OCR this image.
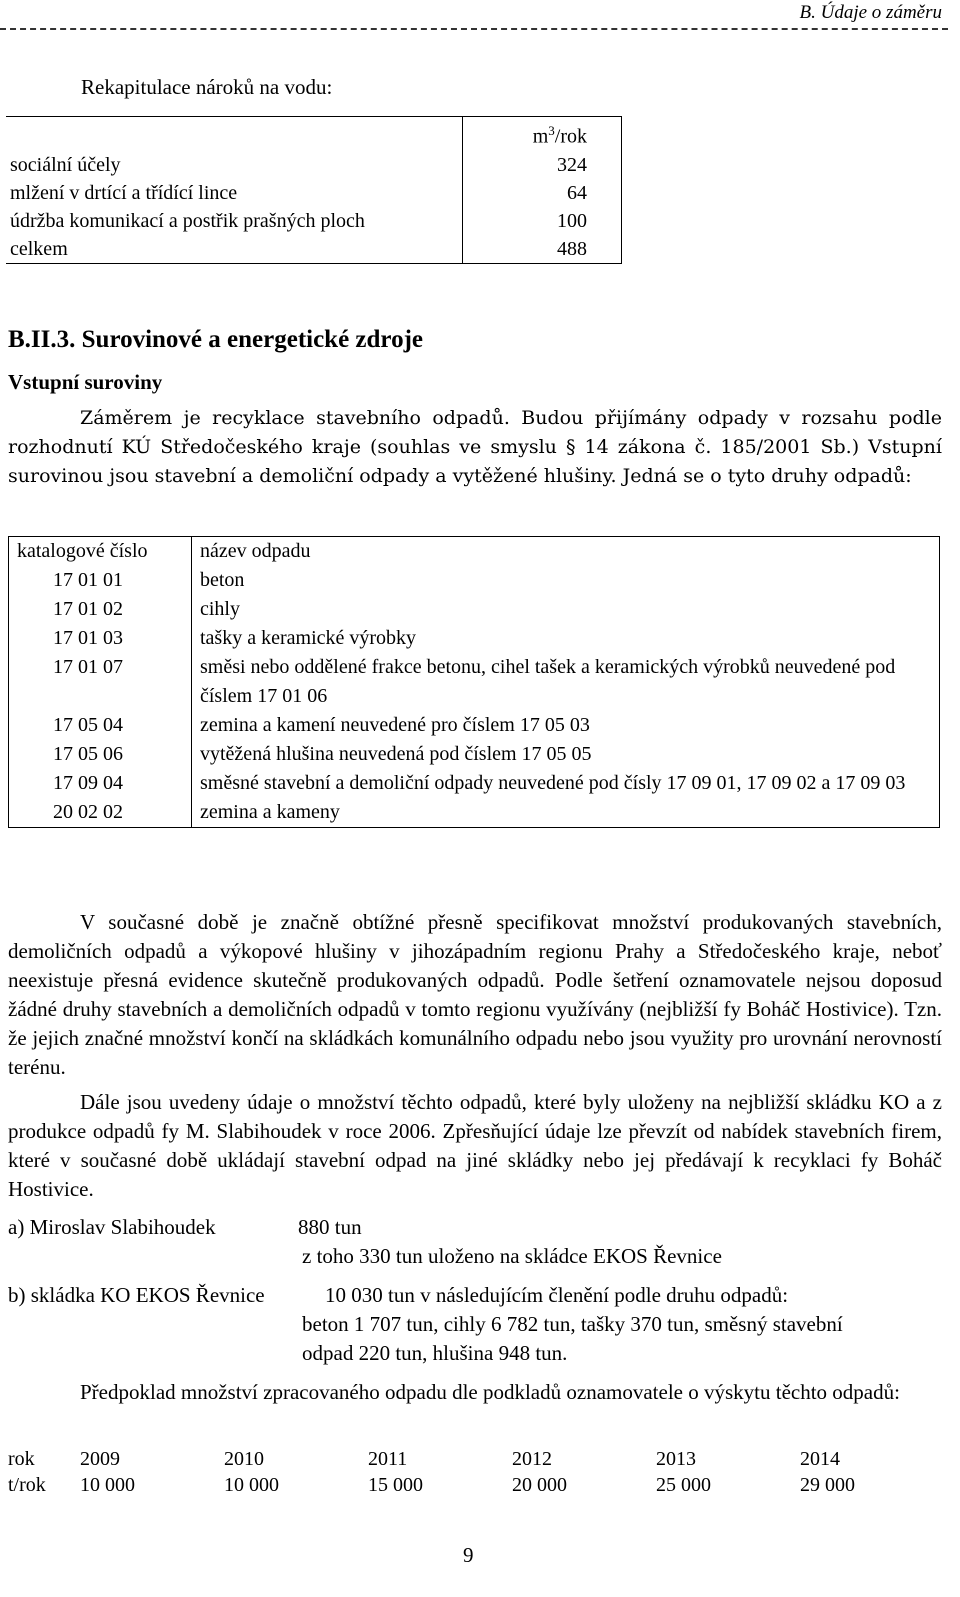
B. Údaje o záměru
Rekapitulace nároků na vodu:
	$m^3$/rok
sociální účely	324
mlžení v drtící a třídící lince	64
údržba komunikací a postřik prašných ploch	100
celkem	488
B.II.3. Surovinové a energetické zdroje
Vstupní suroviny
Záměrem je recyklace stavebního odpadů. Budou přijímány odpady v rozsahu podle rozhodnutí KÚ Středočeského kraje (souhlas ve smyslu § 14 zákona č. 185/2001 Sb.) Vstupní surovinou jsou stavební a demoliční odpady a vytěžené hlušiny. Jedná se o tyto druhy odpadů:
katalogové číslo	název odpadu
17 01 01	beton
17 01 02	cihly
17 01 03	tašky a keramické výrobky
17 01 07	směsi nebo oddělené frakce betonu, cihel tašek a keramických výrobků neuvedené pod číslem 17 01 06
17 05 04	zemina a kamení neuvedené pro číslem 17 05 03
17 05 06	vytěžená hlušina neuvedená pod číslem 17 05 05
17 09 04	směsné stavební a demoliční odpady neuvedené pod čísly 17 09 01, 17 09 02 a 17 09 03
20 02 02	zemina a kameny
V současné době je značně obtížné přesně specifikovat množství produkovaných stavebních, demoličních odpadů a výkopové hlušiny v jihozápadním regionu Prahy a Středočeského kraje, neboť neexistuje přesná evidence skutečně produkovaných odpadů. Podle šetření oznamovatele nejsou doposud žádné druhy stavebních a demoličních odpadů v tomto regionu využívány (nejbližší fy Boháč Hostivice). Tzn. že jejich značné množství končí na skládkách komunálního odpadu nebo jsou využity pro urovnání nerovností terénu.
Dále jsou uvedeny údaje o množství těchto odpadů, které byly uloženy na nejbližší skládku KO a z produkce odpadů fy M. Slabihoudek v roce 2006. Zpřesňující údaje lze převzít od nabídek stavebních firem, které v současné době ukládají stavební odpad na jiné skládky nebo jej předávají k recyklaci fy Boháč Hostivice.
a) Miroslav Slabihoudek	880 tun
z toho 330 tun uloženo na skládce EKOS Řevnice
b) skládka KO EKOS Řevnice	10 030 tun v následujícím členění podle druhu odpadů:
beton 1 707 tun, cihly 6 782 tun, tašky 370 tun, směsný stavební
odpad 220 tun, hlušina 948 tun.
Předpoklad množství zpracovaného odpadu dle podkladů oznamovatele o výskytu těchto odpadů:
rok	2009	2010	2011	2012	2013	2014
t/rok	10 000	10 000	15 000	20 000	25 000	29 000
9
